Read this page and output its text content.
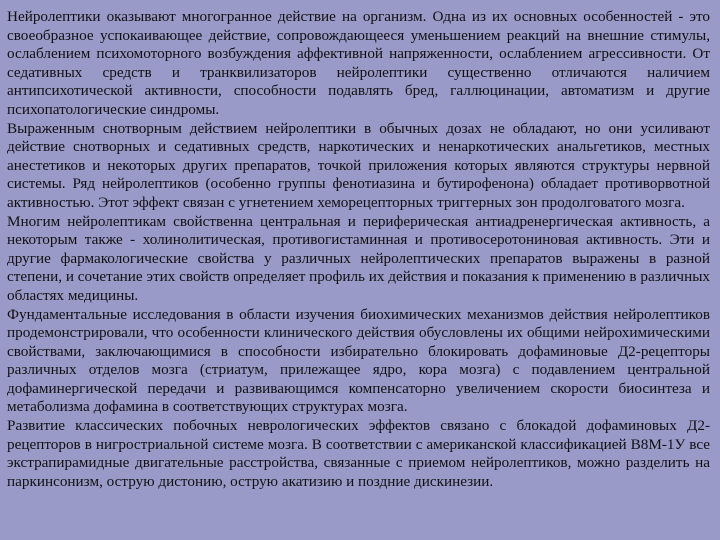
Нейролептики оказывают многогранное действие на организм. Одна из их основных особенностей - это своеобразное успокаивающее действие, сопровождающееся уменьшением реакций на внешние стимулы, ослаблением психомоторного возбуждения аффективной напряженности, ослаблением агрессивности. От седативных средств и транквилизаторов нейролептики существенно отличаются наличием антипсихотической активности, способности подавлять бред, галлюцинации, автоматизм и другие психопатологические синдромы.

Выраженным снотворным действием нейролептики в обычных дозах не обладают, но они усиливают действие снотворных и седативных средств, наркотических и ненаркотических анальгетиков, местных анестетиков и некоторых других препаратов, точкой приложения которых являются структуры нервной системы. Ряд нейролептиков (особенно группы фенотиазина и бутирофенона) обладает противорвотной активностью. Этот эффект связан с угнетением хеморецепторных триггерных зон продолговатого мозга.

Многим нейролептикам свойственна центральная и периферическая антиадренергическая активность, а некоторым также - холинолитическая, противогистаминная и противосеротониновая активность. Эти и другие фармакологические свойства у различных нейролептических препаратов выражены в разной степени, и сочетание этих свойств определяет профиль их действия и показания к применению в различных областях медицины.

Фундаментальные исследования в области изучения биохимических механизмов действия нейролептиков продемонстрировали, что особенности клинического действия обусловлены их общими нейрохимическими свойствами, заключающимися в способности избирательно блокировать дофаминовые Д2-рецепторы различных отделов мозга (стриатум, прилежащее ядро, кора мозга) с подавлением центральной дофаминергической передачи и развивающимся компенсаторно увеличением скорости биосинтеза и метаболизма дофамина в соответствующих структурах мозга.

Развитие классических побочных неврологических эффектов связано с блокадой дофаминовых Д2-рецепторов в нигростриальной системе мозга. В соответствии с американской классификацией В8М-1У все экстрапирамидные двигательные расстройства, связанные с приемом нейролептиков, можно разделить на паркинсонизм, острую дистонию, острую акатизию и поздние дискинезии.
